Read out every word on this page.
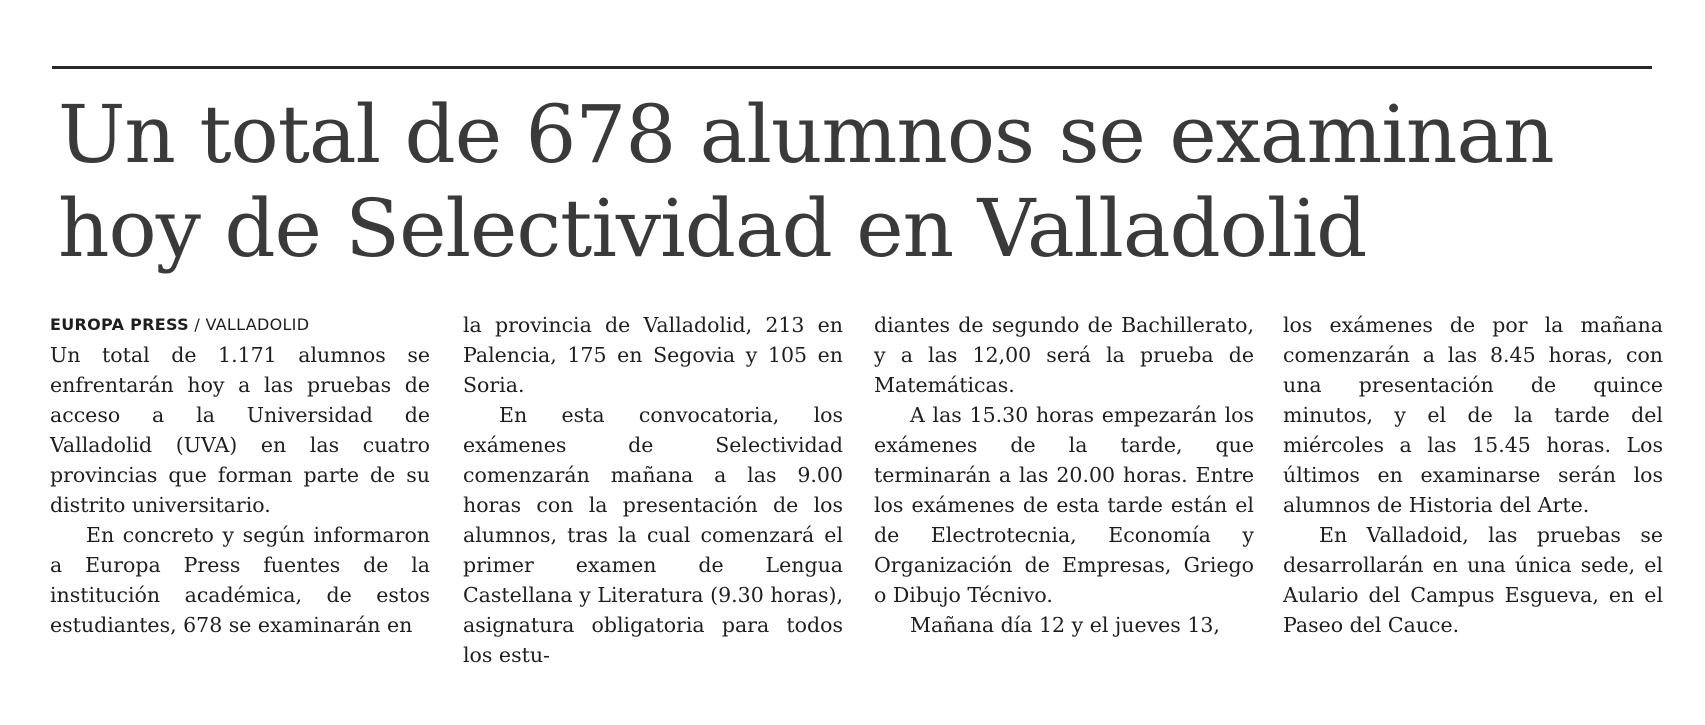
Un total de 678 alumnos se examinan
hoy de Selectividad en Valladolid
EUROPA PRESS / VALLADOLID

Un total de 1.171 alumnos se enfrentarán hoy a las pruebas de acceso a la Universidad de Valladolid (UVA) en las cuatro provincias que forman parte de su distrito universitario.

En concreto y según informaron a Europa Press fuentes de la institución académica, de estos estudiantes, 678 se examinarán en

la provincia de Valladolid, 213 en Palencia, 175 en Segovia y 105 en Soria.

En esta convocatoria, los exámenes de Selectividad comenzarán mañana a las 9.00 horas con la presentación de los alumnos, tras la cual comenzará el primer examen de Lengua Castellana y Literatura (9.30 horas), asignatura obligatoria para todos los estu-

diantes de segundo de Bachillerato, y a las 12,00 será la prueba de Matemáticas.

A las 15.30 horas empezarán los exámenes de la tarde, que terminarán a las 20.00 horas. Entre los exámenes de esta tarde están el de Electrotecnia, Economía y Organización de Empresas, Griego o Dibujo Técnivo.

Mañana día 12 y el jueves 13,

los exámenes de por la mañana comenzarán a las 8.45 horas, con una presentación de quince minutos, y el de la tarde del miércoles a las 15.45 horas. Los últimos en examinarse serán los alumnos de Historia del Arte.

En Valladoid, las pruebas se desarrollarán en una única sede, el Aulario del Campus Esgueva, en el Paseo del Cauce.
